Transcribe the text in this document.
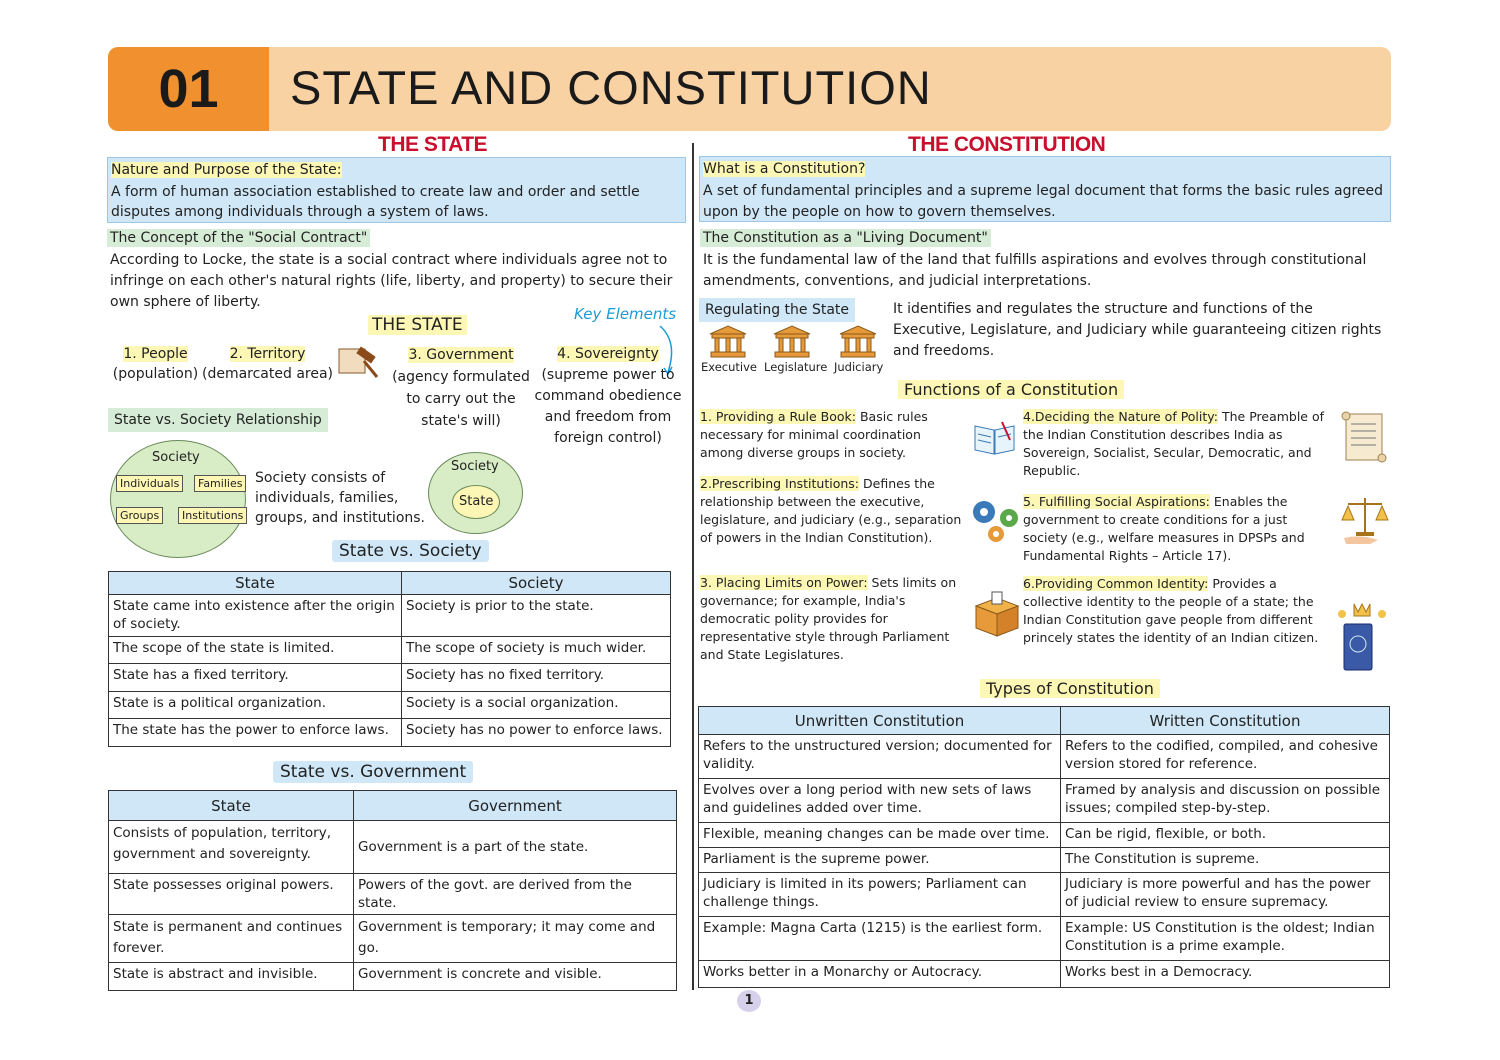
01	STATE AND CONSTITUTION
THE STATE
Nature and Purpose of the State:
A form of human association established to create law and order and settle disputes among individuals through a system of laws.
The Concept of the "Social Contract"
According to Locke, the state is a social contract where individuals agree not to infringe on each other's natural rights (life, liberty, and property) to secure their own sphere of liberty.
THE STATE
Key Elements
1. People
(population)
2. Territory
(demarcated area)
3. Government
(agency formulated to carry out the state's will)
4. Sovereignty
(supreme power to command obedience and freedom from foreign control)
State vs. Society Relationship
Society
Individuals	Families
Groups	Institutions
Society consists of individuals, families, groups, and institutions.
Society
State
State vs. Society
State	Society
State came into existence after the origin of society.	Society is prior to the state.
The scope of the state is limited.	The scope of society is much wider.
State has a fixed territory.	Society has no fixed territory.
State is a political organization.	Society is a social organization.
The state has the power to enforce laws.	Society has no power to enforce laws.
State vs. Government
State	Government
Consists of population, territory, government and sovereignty.	Government is a part of the state.
State possesses original powers.	Powers of the govt. are derived from the state.
State is permanent and continues forever.	Government is temporary; it may come and go.
State is abstract and invisible.	Government is concrete and visible.
THE CONSTITUTION
What is a Constitution?
A set of fundamental principles and a supreme legal document that forms the basic rules agreed upon by the people on how to govern themselves.
The Constitution as a "Living Document"
It is the fundamental law of the land that fulfills aspirations and evolves through constitutional amendments, conventions, and judicial interpretations.
Regulating the State
Executive Legislature Judiciary
It identifies and regulates the structure and functions of the Executive, Legislature, and Judiciary while guaranteeing citizen rights and freedoms.
Functions of a Constitution
1. Providing a Rule Book: Basic rules necessary for minimal coordination among diverse groups in society.
2.Prescribing Institutions: Defines the relationship between the executive, legislature, and judiciary (e.g., separation of powers in the Indian Constitution).
3. Placing Limits on Power: Sets limits on governance; for example, India's democratic polity provides for representative style through Parliament and State Legislatures.
4.Deciding the Nature of Polity: The Preamble of the Indian Constitution describes India as Sovereign, Socialist, Secular, Democratic, and Republic.
5. Fulfilling Social Aspirations: Enables the government to create conditions for a just society (e.g., welfare measures in DPSPs and Fundamental Rights – Article 17).
6.Providing Common Identity: Provides a collective identity to the people of a state; the Indian Constitution gave people from different princely states the identity of an Indian citizen.
Types of Constitution
Unwritten Constitution	Written Constitution
Refers to the unstructured version; documented for validity.	Refers to the codified, compiled, and cohesive version stored for reference.
Evolves over a long period with new sets of laws and guidelines added over time.	Framed by analysis and discussion on possible issues; compiled step-by-step.
Flexible, meaning changes can be made over time.	Can be rigid, flexible, or both.
Parliament is the supreme power.	The Constitution is supreme.
Judiciary is limited in its powers; Parliament can challenge things.	Judiciary is more powerful and has the power of judicial review to ensure supremacy.
Example: Magna Carta (1215) is the earliest form.	Example: US Constitution is the oldest; Indian Constitution is a prime example.
Works better in a Monarchy or Autocracy.	Works best in a Democracy.
1
